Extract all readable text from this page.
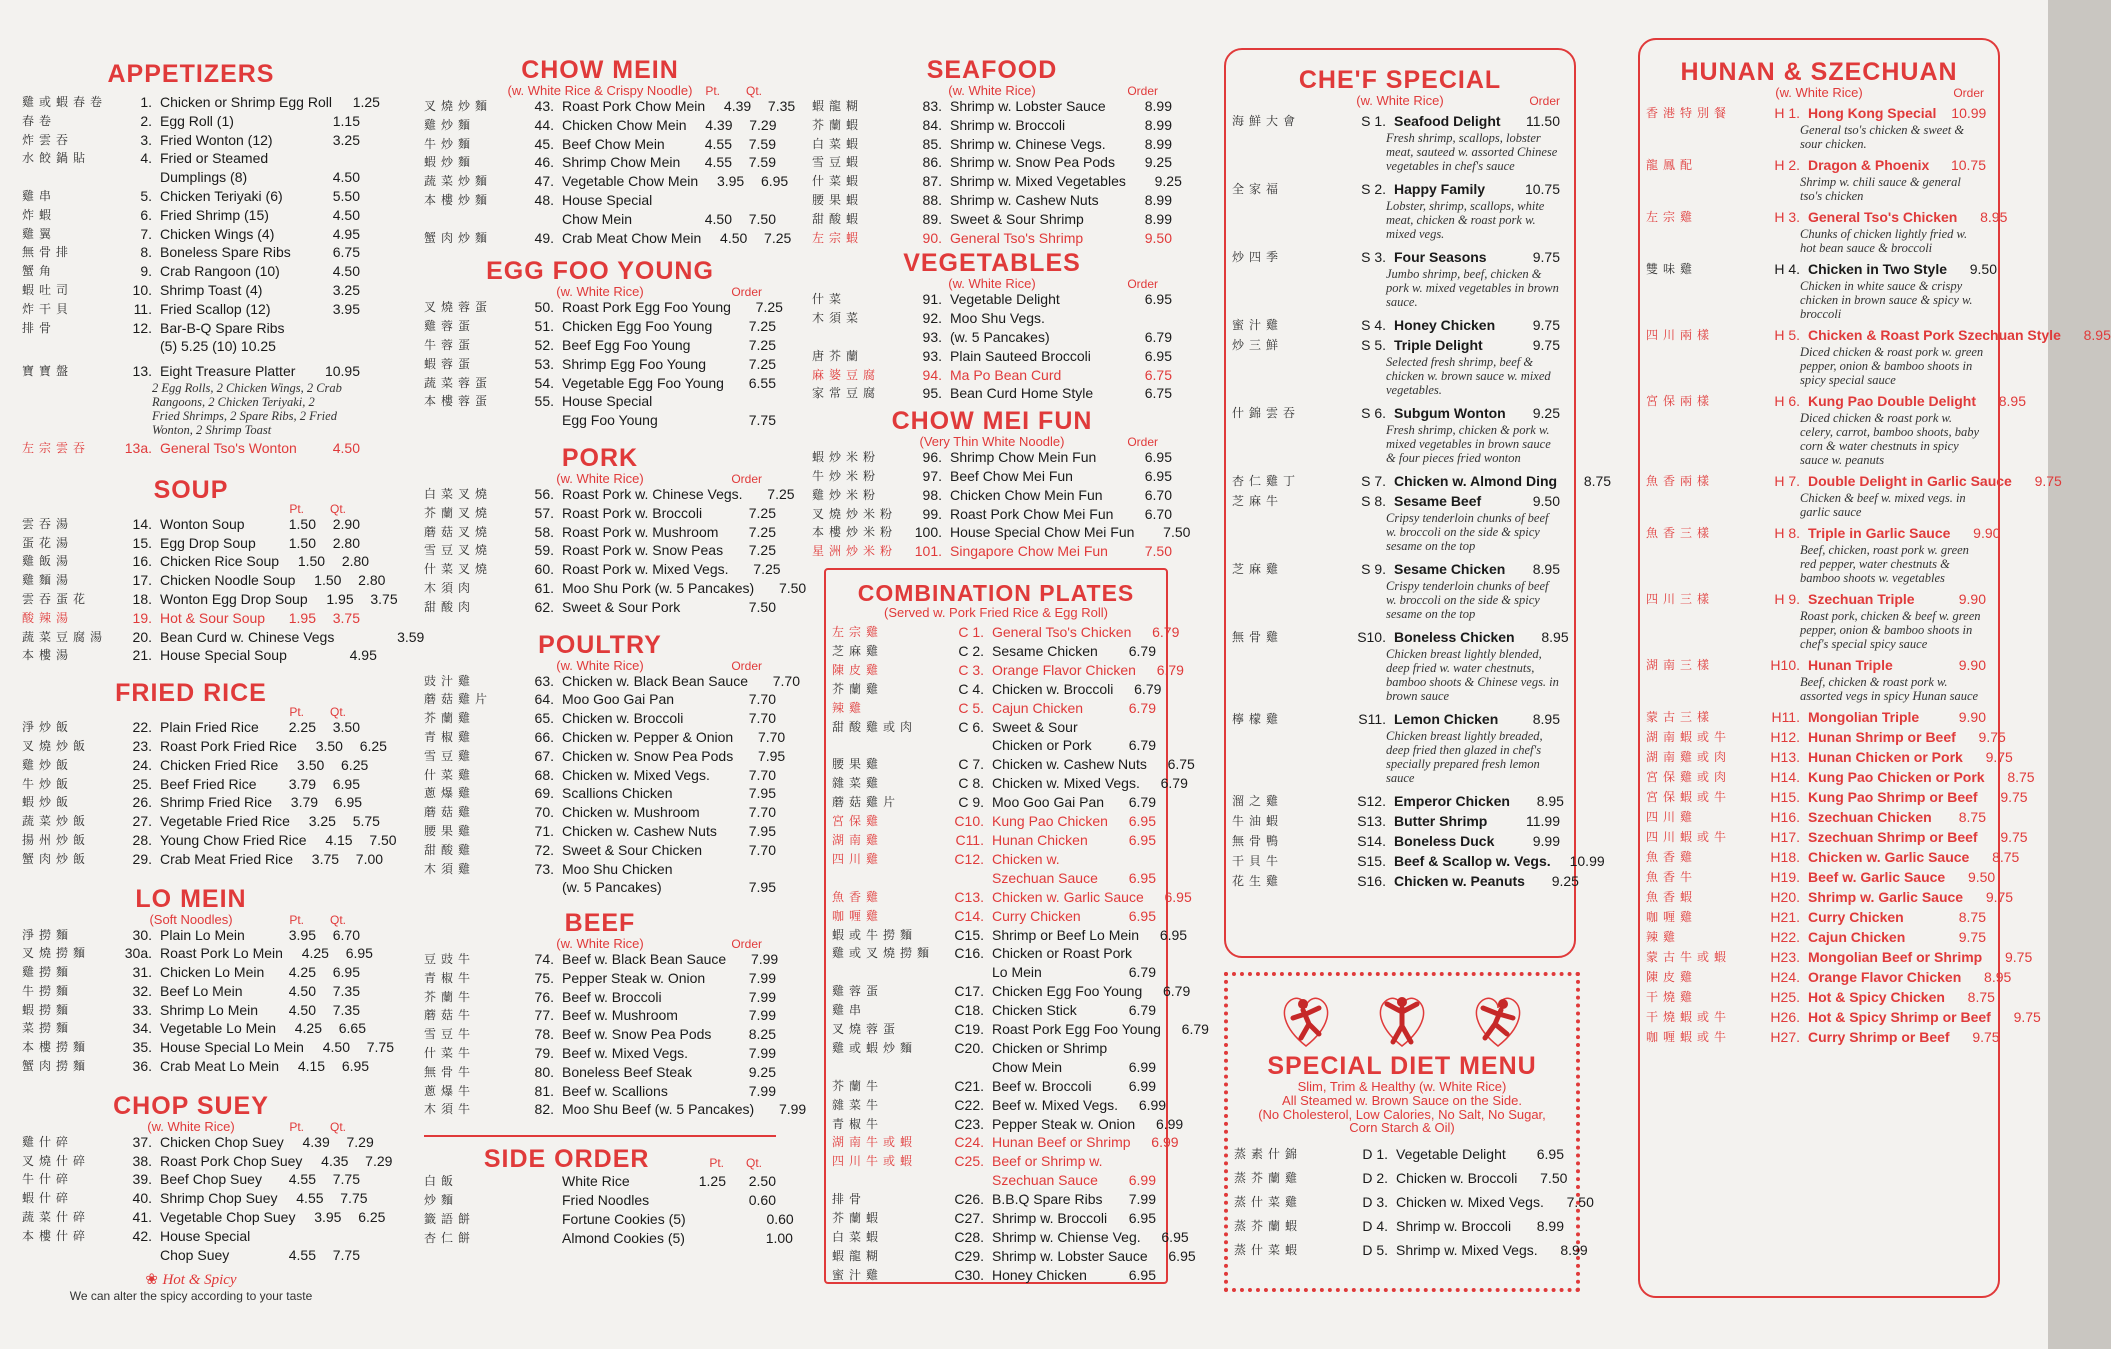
APPETIZERS
雞或蝦春卷	1. Chicken or Shrimp Egg Roll	1.25
春卷	2. Egg Roll (1)	1.15
炸雲吞	3. Fried Wonton (12)	3.25
水餃鍋貼	4. Fried or Steamed
Dumplings (8)	4.50
雞串	5. Chicken Teriyaki (6)	5.50
炸蝦	6. Fried Shrimp (15)	4.50
雞翼	7. Chicken Wings (4)	4.95
無骨排	8. Boneless Spare Ribs	6.75
蟹角	9. Crab Rangoon (10)	4.50
蝦吐司	10. Shrimp Toast (4)	3.25
炸干貝	11. Fried Scallop (12)	3.95
排骨	12. Bar-B-Q Spare Ribs
(5) 5.25 (10) 10.25
寶寶盤	13. Eight Treasure Platter	10.95
2 Egg Rolls, 2 Chicken Wings, 2 Crab Rangoons, 2 Chicken Teriyaki, 2 Fried Shrimps, 2 Spare Ribs, 2 Fried Wonton, 2 Shrimp Toast
左宗雲吞	13a. General Tso's Wonton	4.50
SOUP
Pt. Qt.
雲吞湯	14. Wonton Soup	1.50	2.90
蛋花湯	15. Egg Drop Soup	1.50	2.80
雞飯湯	16. Chicken Rice Soup	1.50	2.80
雞麵湯	17. Chicken Noodle Soup	1.50	2.80
雲吞蛋花	18. Wonton Egg Drop Soup	1.95	3.75
酸辣湯	19. Hot & Sour Soup	1.95	3.75
蔬菜豆腐湯	20. Bean Curd w. Chinese Vegs	3.59
本樓湯	21. House Special Soup	4.95
FRIED RICE
Pt. Qt.
淨炒飯	22. Plain Fried Rice	2.25	3.50
叉燒炒飯	23. Roast Pork Fried Rice	3.50	6.25
雞炒飯	24. Chicken Fried Rice	3.50	6.25
牛炒飯	25. Beef Fried Rice	3.79	6.95
蝦炒飯	26. Shrimp Fried Rice	3.79	6.95
蔬菜炒飯	27. Vegetable Fried Rice	3.25	5.75
揚州炒飯	28. Young Chow Fried Rice	4.15	7.50
蟹肉炒飯	29. Crab Meat Fried Rice	3.75	7.00
LO MEIN
(Soft Noodles)	Pt. Qt.
淨撈麵	30. Plain Lo Mein	3.95	6.70
叉燒撈麵	30a. Roast Pork Lo Mein	4.25	6.95
雞撈麵	31. Chicken Lo Mein	4.25	6.95
牛撈麵	32. Beef Lo Mein	4.50	7.35
蝦撈麵	33. Shrimp Lo Mein	4.50	7.35
菜撈麵	34. Vegetable Lo Mein	4.25	6.65
本樓撈麵	35. House Special Lo Mein	4.50	7.75
蟹肉撈麵	36. Crab Meat Lo Mein	4.15	6.95
CHOP SUEY
(w. White Rice)	Pt. Qt.
雞什碎	37. Chicken Chop Suey	4.39	7.29
叉燒什碎	38. Roast Pork Chop Suey	4.35	7.29
牛什碎	39. Beef Chop Suey	4.55	7.75
蝦什碎	40. Shrimp Chop Suey	4.55	7.75
蔬菜什碎	41. Vegetable Chop Suey	3.95	6.25
本樓什碎	42. House Special
Chop Suey	4.55	7.75
❀ Hot & Spicy
We can alter the spicy according to your taste
CHOW MEIN
(w. White Rice & Crispy Noodle)	Pt. Qt.
叉燒炒麵	43. Roast Pork Chow Mein	4.39	7.35
雞炒麵	44. Chicken Chow Mein	4.39	7.29
牛炒麵	45. Beef Chow Mein	4.55	7.59
蝦炒麵	46. Shrimp Chow Mein	4.55	7.59
蔬菜炒麵	47. Vegetable Chow Mein	3.95	6.95
本樓炒麵	48. House Special
Chow Mein	4.50	7.50
蟹肉炒麵	49. Crab Meat Chow Mein	4.50	7.25
EGG FOO YOUNG
(w. White Rice)	Order
叉燒蓉蛋	50. Roast Pork Egg Foo Young	7.25
雞蓉蛋	51. Chicken Egg Foo Young	7.25
牛蓉蛋	52. Beef Egg Foo Young	7.25
蝦蓉蛋	53. Shrimp Egg Foo Young	7.25
蔬菜蓉蛋	54. Vegetable Egg Foo Young	6.55
本樓蓉蛋	55. House Special
Egg Foo Young	7.75
PORK
(w. White Rice)	Order
白菜叉燒	56. Roast Pork w. Chinese Vegs.	7.25
芥蘭叉燒	57. Roast Pork w. Broccoli	7.25
蘑菇叉燒	58. Roast Pork w. Mushroom	7.25
雪豆叉燒	59. Roast Pork w. Snow Peas	7.25
什菜叉燒	60. Roast Pork w. Mixed Vegs.	7.25
木須肉	61. Moo Shu Pork (w. 5 Pancakes)	7.50
甜酸肉	62. Sweet & Sour Pork	7.50
POULTRY
(w. White Rice)	Order
豉汁雞	63. Chicken w. Black Bean Sauce	7.70
蘑菇雞片	64. Moo Goo Gai Pan	7.70
芥蘭雞	65. Chicken w. Broccoli	7.70
青椒雞	66. Chicken w. Pepper & Onion	7.70
雪豆雞	67. Chicken w. Snow Pea Pods	7.95
什菜雞	68. Chicken w. Mixed Vegs.	7.70
蔥爆雞	69. Scallions Chicken	7.95
蘑菇雞	70. Chicken w. Mushroom	7.70
腰果雞	71. Chicken w. Cashew Nuts	7.95
甜酸雞	72. Sweet & Sour Chicken	7.70
木須雞	73. Moo Shu Chicken
(w. 5 Pancakes)	7.95
BEEF
(w. White Rice)	Order
豆豉牛	74. Beef w. Black Bean Sauce	7.99
青椒牛	75. Pepper Steak w. Onion	7.99
芥蘭牛	76. Beef w. Broccoli	7.99
蘑菇牛	77. Beef w. Mushroom	7.99
雪豆牛	78. Beef w. Snow Pea Pods	8.25
什菜牛	79. Beef w. Mixed Vegs.	7.99
無骨牛	80. Boneless Beef Steak	9.25
蔥爆牛	81. Beef w. Scallions	7.99
木須牛	82. Moo Shu Beef (w. 5 Pancakes)	7.99
SIDE ORDER	Pt. Qt.
白飯	White Rice	1.25	2.50
炒麵	Fried Noodles	0.60
籤語餅	Fortune Cookies (5)	0.60
杏仁餅	Almond Cookies (5)	1.00
SEAFOOD
(w. White Rice)	Order
蝦龍糊	83. Shrimp w. Lobster Sauce	8.99
芥蘭蝦	84. Shrimp w. Broccoli	8.99
白菜蝦	85. Shrimp w. Chinese Vegs.	8.99
雪豆蝦	86. Shrimp w. Snow Pea Pods	9.25
什菜蝦	87. Shrimp w. Mixed Vegetables	9.25
腰果蝦	88. Shrimp w. Cashew Nuts	8.99
甜酸蝦	89. Sweet & Sour Shrimp	8.99
左宗蝦	90. General Tso's Shrimp	9.50
VEGETABLES
(w. White Rice)	Order
什菜	91. Vegetable Delight	6.95
木須菜	92. Moo Shu Vegs.
93. (w. 5 Pancakes)	6.79
唐芥蘭	93. Plain Sauteed Broccoli	6.95
麻婆豆腐	94. Ma Po Bean Curd	6.75
家常豆腐	95. Bean Curd Home Style	6.75
CHOW MEI FUN
(Very Thin White Noodle)	Order
蝦炒米粉	96. Shrimp Chow Mein Fun	6.95
牛炒米粉	97. Beef Chow Mei Fun	6.95
雞炒米粉	98. Chicken Chow Mein Fun	6.70
叉燒炒米粉	99. Roast Pork Chow Mei Fun	6.70
本樓炒米粉	100. House Special Chow Mei Fun	7.50
星洲炒米粉	101. Singapore Chow Mei Fun	7.50
COMBINATION PLATES
(Served w. Pork Fried Rice & Egg Roll)
左宗雞	C 1. General Tso's Chicken	6.79
芝麻雞	C 2. Sesame Chicken	6.79
陳皮雞	C 3. Orange Flavor Chicken	6.79
芥蘭雞	C 4. Chicken w. Broccoli	6.79
辣雞	C 5. Cajun Chicken	6.79
甜酸雞或肉	C 6. Sweet & Sour
Chicken or Pork	6.79
腰果雞	C 7. Chicken w. Cashew Nuts	6.75
雜菜雞	C 8. Chicken w. Mixed Vegs.	6.79
蘑菇雞片	C 9. Moo Goo Gai Pan	6.79
宮保雞	C10. Kung Pao Chicken	6.95
湖南雞	C11. Hunan Chicken	6.95
四川雞	C12. Chicken w.
Szechuan Sauce	6.95
魚香雞	C13. Chicken w. Garlic Sauce	6.95
咖喱雞	C14. Curry Chicken	6.95
蝦或牛撈麵	C15. Shrimp or Beef Lo Mein	6.95
雞或叉燒撈麵	C16. Chicken or Roast Pork
Lo Mein	6.79
雞蓉蛋	C17. Chicken Egg Foo Young	6.79
雞串	C18. Chicken Stick	6.79
叉燒蓉蛋	C19. Roast Pork Egg Foo Young	6.79
雞或蝦炒麵	C20. Chicken or Shrimp
Chow Mein	6.99
芥蘭牛	C21. Beef w. Broccoli	6.99
雜菜牛	C22. Beef w. Mixed Vegs.	6.99
青椒牛	C23. Pepper Steak w. Onion	6.99
湖南牛或蝦	C24. Hunan Beef or Shrimp	6.99
四川牛或蝦	C25. Beef or Shrimp w.
Szechuan Sauce	6.99
排骨	C26. B.B.Q Spare Ribs	7.99
芥蘭蝦	C27. Shrimp w. Broccoli	6.95
白菜蝦	C28. Shrimp w. Chiense Veg.	6.95
蝦龍糊	C29. Shrimp w. Lobster Sauce	6.95
蜜汁雞	C30. Honey Chicken	6.95
CHE'F SPECIAL
(w. White Rice)	Order
海鮮大會	S 1. Seafood Delight	11.50
Fresh shrimp, scallops, lobster meat, sauteed w. assorted Chinese vegetables in chef's sauce
全家福	S 2. Happy Family	10.75
Lobster, shrimp, scallops, white meat, chicken & roast pork w. mixed vegs.
炒四季	S 3. Four Seasons	9.75
Jumbo shrimp, beef, chicken & pork w. mixed vegetables in brown sauce.
蜜汁雞	S 4. Honey Chicken	9.75
炒三鮮	S 5. Triple Delight	9.75
Selected fresh shrimp, beef & chicken w. brown sauce w. mixed vegetables.
什錦雲吞	S 6. Subgum Wonton	9.25
Fresh shrimp, chicken & pork w. mixed vegetables in brown sauce & four pieces fried wonton
杏仁雞丁	S 7. Chicken w. Almond Ding	8.75
芝麻牛	S 8. Sesame Beef	9.50
Cripsy tenderloin chunks of beef w. broccoli on the side & spicy sesame on the top
芝麻雞	S 9. Sesame Chicken	8.95
Crispy tenderloin chunks of beef w. broccoli on the side & spicy sesame on the top
無骨雞	S10. Boneless Chicken	8.95
Chicken breast lightly blended, deep fried w. water chestnuts, bamboo shoots & Chinese vegs. in brown sauce
檸檬雞	S11. Lemon Chicken	8.95
Chicken breast lightly breaded, deep fried then glazed in chef's specially prepared fresh lemon sauce
溜之雞	S12. Emperor Chicken	8.95
牛油蝦	S13. Butter Shrimp	11.99
無骨鴨	S14. Boneless Duck	9.99
干貝牛	S15. Beef & Scallop w. Vegs.	10.99
花生雞	S16. Chicken w. Peanuts	9.25
SPECIAL DIET MENU
Slim, Trim & Healthy (w. White Rice)
All Steamed w. Brown Sauce on the Side.
(No Cholesterol, Low Calories, No Salt, No Sugar, Corn Starch & Oil)
蒸素什錦	D 1. Vegetable Delight	6.95
蒸芥蘭雞	D 2. Chicken w. Broccoli	7.50
蒸什菜雞	D 3. Chicken w. Mixed Vegs.	7.50
蒸芥蘭蝦	D 4. Shrimp w. Broccoli	8.99
蒸什菜蝦	D 5. Shrimp w. Mixed Vegs.	8.99
HUNAN & SZECHUAN
(w. White Rice)	Order
香港特別餐	H 1. Hong Kong Special	10.99
General tso's chicken & sweet & sour chicken.
龍鳳配	H 2. Dragon & Phoenix	10.75
Shrimp w. chili sauce & general tso's chicken
左宗雞	H 3. General Tso's Chicken	8.95
Chunks of chicken lightly fried w. hot bean sauce & broccoli
雙味雞	H 4. Chicken in Two Style	9.50
Chicken in white sauce & crispy chicken in brown sauce & spicy w. broccoli
四川兩樣	H 5. Chicken & Roast Pork Szechuan Style	8.95
Diced chicken & roast pork w. green pepper, onion & bamboo shoots in spicy special sauce
宮保兩樣	H 6. Kung Pao Double Delight	8.95
Diced chicken & roast pork w. celery, carrot, bamboo shoots, baby corn & water chestnuts in spicy sauce w. peanuts
魚香兩樣	H 7. Double Delight in Garlic Sauce	9.75
Chicken & beef w. mixed vegs. in garlic sauce
魚香三樣	H 8. Triple in Garlic Sauce	9.90
Beef, chicken, roast pork w. green red pepper, water chestnuts & bamboo shoots w. vegetables
四川三樣	H 9. Szechuan Triple	9.90
Roast pork, chicken & beef w. green pepper, onion & bamboo shoots in chef's special spicy sauce
湖南三樣	H10. Hunan Triple	9.90
Beef, chicken & roast pork w. assorted vegs in spicy Hunan sauce
蒙古三樣	H11. Mongolian Triple	9.90
湖南蝦或牛	H12. Hunan Shrimp or Beef	9.75
湖南雞或肉	H13. Hunan Chicken or Pork	9.75
宮保雞或肉	H14. Kung Pao Chicken or Pork	8.75
宮保蝦或牛	H15. Kung Pao Shrimp or Beef	9.75
四川雞	H16. Szechuan Chicken	8.75
四川蝦或牛	H17. Szechuan Shrimp or Beef	9.75
魚香雞	H18. Chicken w. Garlic Sauce	8.75
魚香牛	H19. Beef w. Garlic Sauce	9.50
魚香蝦	H20. Shrimp w. Garlic Sauce	9.75
咖喱雞	H21. Curry Chicken	8.75
辣雞	H22. Cajun Chicken	9.75
蒙古牛或蝦	H23. Mongolian Beef or Shrimp	9.75
陳皮雞	H24. Orange Flavor Chicken	8.95
干燒雞	H25. Hot & Spicy Chicken	8.75
干燒蝦或牛	H26. Hot & Spicy Shrimp or Beef	9.75
咖喱蝦或牛	H27. Curry Shrimp or Beef	9.75
